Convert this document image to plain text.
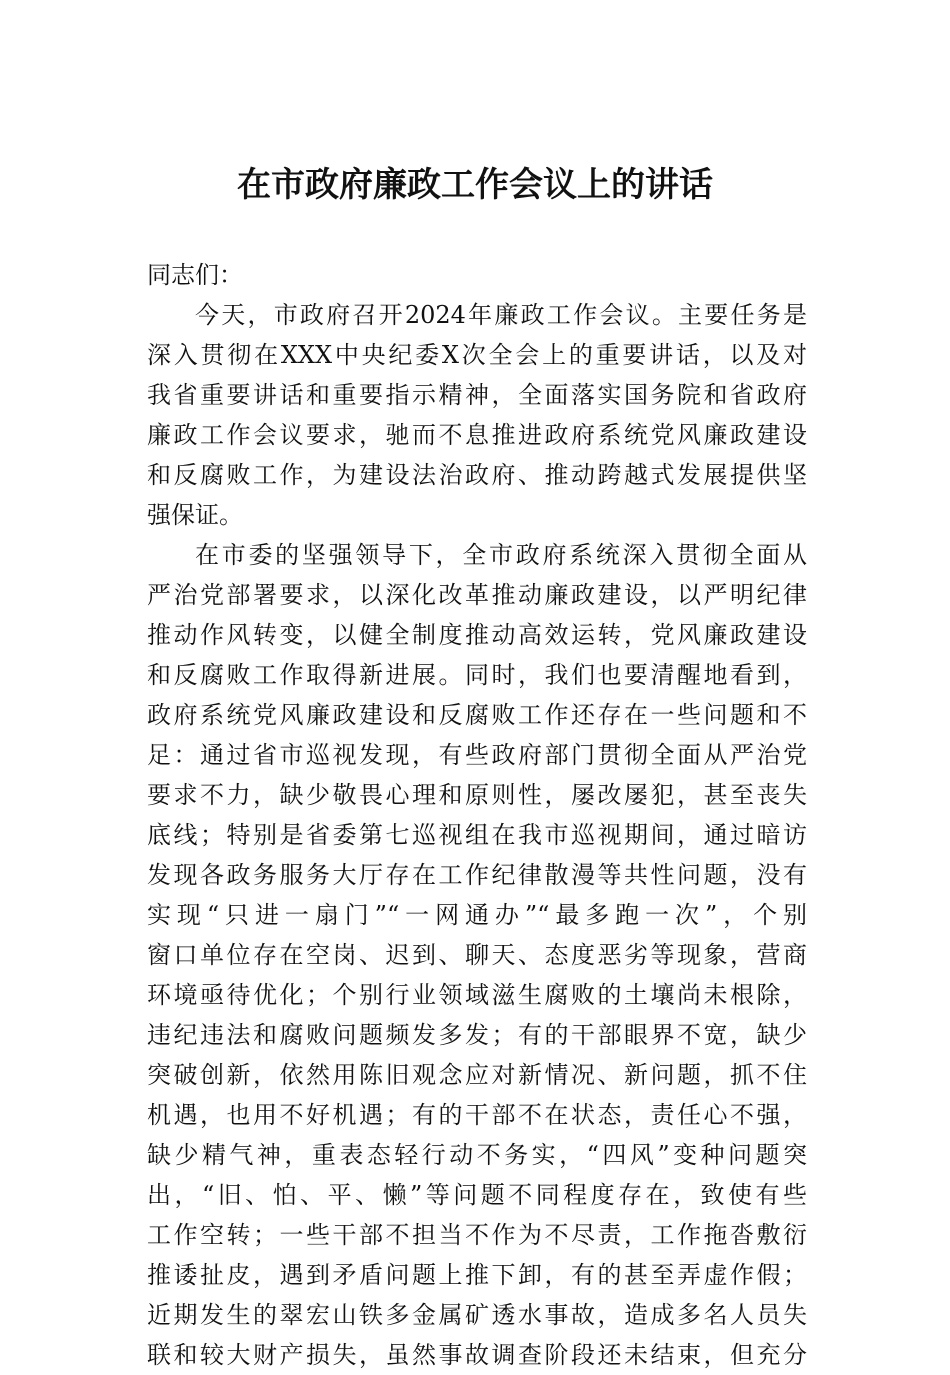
在市政府廉政工作会议上的讲话
同志们：
今天，市政府召开2024年廉政工作会议。主要任务是
深入贯彻在XXX中央纪委X次全会上的重要讲话，以及对
我省重要讲话和重要指示精神，全面落实国务院和省政府
廉政工作会议要求，驰而不息推进政府系统党风廉政建设
和反腐败工作，为建设法治政府、推动跨越式发展提供坚
强保证。
在市委的坚强领导下，全市政府系统深入贯彻全面从
严治党部署要求，以深化改革推动廉政建设，以严明纪律
推动作风转变，以健全制度推动高效运转，党风廉政建设
和反腐败工作取得新进展。同时，我们也要清醒地看到，
政府系统党风廉政建设和反腐败工作还存在一些问题和不
足：通过省市巡视发现，有些政府部门贯彻全面从严治党
要求不力，缺少敬畏心理和原则性，屡改屡犯，甚至丧失
底线；特别是省委第七巡视组在我市巡视期间，通过暗访
发现各政务服务大厅存在工作纪律散漫等共性问题，没有
实现“只进一扇门”“一网通办”“最多跑一次”，个别
窗口单位存在空岗、迟到、聊天、态度恶劣等现象，营商
环境亟待优化；个别行业领域滋生腐败的土壤尚未根除，
违纪违法和腐败问题频发多发；有的干部眼界不宽，缺少
突破创新，依然用陈旧观念应对新情况、新问题，抓不住
机遇，也用不好机遇；有的干部不在状态，责任心不强，
缺少精气神，重表态轻行动不务实，“四风”变种问题突
出，“旧、怕、平、懒”等问题不同程度存在，致使有些
工作空转；一些干部不担当不作为不尽责，工作拖沓敷衍
推诿扯皮，遇到矛盾问题上推下卸，有的甚至弄虚作假；
近期发生的翠宏山铁多金属矿透水事故，造成多名人员失
联和较大财产损失，虽然事故调查阶段还未结束，但充分
